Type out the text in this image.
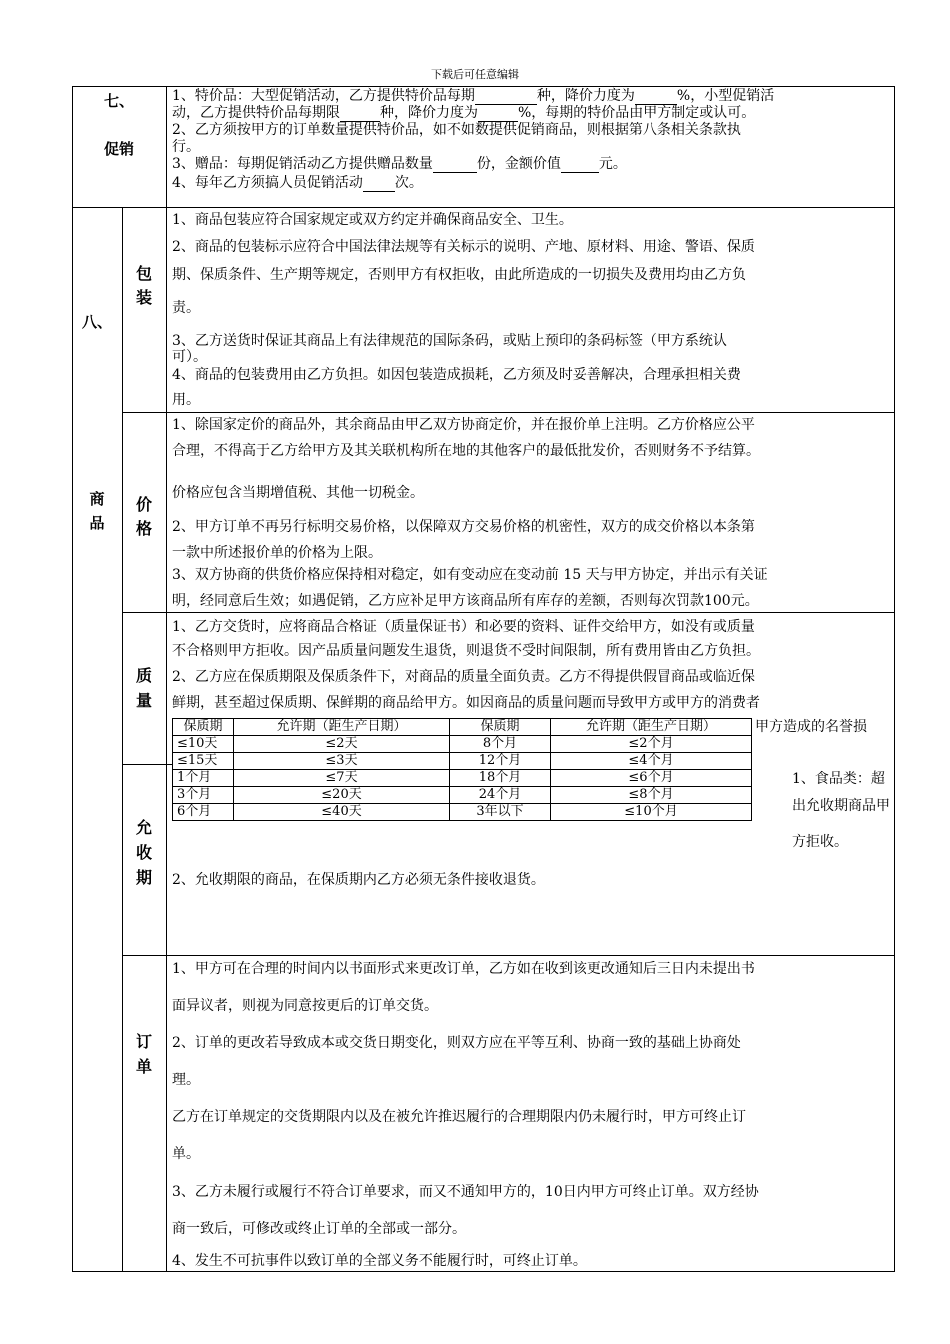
下载后可任意编辑
七、
促销
1、特价品：大型促销活动，乙方提供特价品每期	种，降价力度为	%，小型促销活
动，乙方提供特价品每期限	种，降价力度为	%，每期的特价品由甲方制定或认可。
2、乙方须按甲方的订单数量提供特价品，如不如数提供促销商品，则根据第八条相关条款执
行。
3、赠品：每期促销活动乙方提供赠品数量	份，金额价值	元。
4、每年乙方须搞人员促销活动 次。
八、
商
品
包
装
1、商品包装应符合国家规定或双方约定并确保商品安全、卫生。
2、商品的包装标示应符合中国法律法规等有关标示的说明、产地、原材料、用途、警语、保质
期、保质条件、生产期等规定，否则甲方有权拒收，由此所造成的一切损失及费用均由乙方负
责。
3、乙方送货时保证其商品上有法律规范的国际条码，或贴上预印的条码标签（甲方系统认
可）。
4、商品的包装费用由乙方负担。如因包装造成损耗，乙方须及时妥善解决，合理承担相关费
用。
价
格
1、除国家定价的商品外，其余商品由甲乙双方协商定价，并在报价单上注明。乙方价格应公平
合理，不得高于乙方给甲方及其关联机构所在地的其他客户的最低批发价，否则财务不予结算。
价格应包含当期增值税、其他一切税金。
2、甲方订单不再另行标明交易价格，以保障双方交易价格的机密性，双方的成交价格以本条第
一款中所述报价单的价格为上限。
3、双方协商的供货价格应保持相对稳定，如有变动应在变动前 15 天与甲方协定，并出示有关证
明，经同意后生效；如遇促销，乙方应补足甲方该商品所有库存的差额，否则每次罚款100元。
质
量
1、乙方交货时，应将商品合格证（质量保证书）和必要的资料、证件交给甲方，如没有或质量
不合格则甲方拒收。因产品质量问题发生退货，则退货不受时间限制，所有费用皆由乙方负担。
2、乙方应在保质期限及保质条件下，对商品的质量全面负责。乙方不得提供假冒商品或临近保
鲜期，甚至超过保质期、保鲜期的商品给甲方。如因商品的质量问题而导致甲方或甲方的消费者
甲方造成的名誉损
允
收
期
1、食品类：超
出允收期商品甲
方拒收。
2、允收期限的商品，在保质期内乙方必须无条件接收退货。
保质期	允许期（距生产日期）	保质期	允许期（距生产日期）
≤10天	≤2天	8个月	≤2个月
≤15天	≤3天	12个月	≤4个月
1个月	≤7天	18个月	≤6个月
3个月	≤20天	24个月	≤8个月
6个月	≤40天	3年以下	≤10个月
订
单
1、甲方可在合理的时间内以书面形式来更改订单，乙方如在收到该更改通知后三日内未提出书
面异议者，则视为同意按更后的订单交货。
2、订单的更改若导致成本或交货日期变化，则双方应在平等互利、协商一致的基础上协商处
理。
乙方在订单规定的交货期限内以及在被允许推迟履行的合理期限内仍未履行时，甲方可终止订
单。
3、乙方未履行或履行不符合订单要求，而又不通知甲方的，10日内甲方可终止订单。双方经协
商一致后，可修改或终止订单的全部或一部分。
4、发生不可抗事件以致订单的全部义务不能履行时，可终止订单。
